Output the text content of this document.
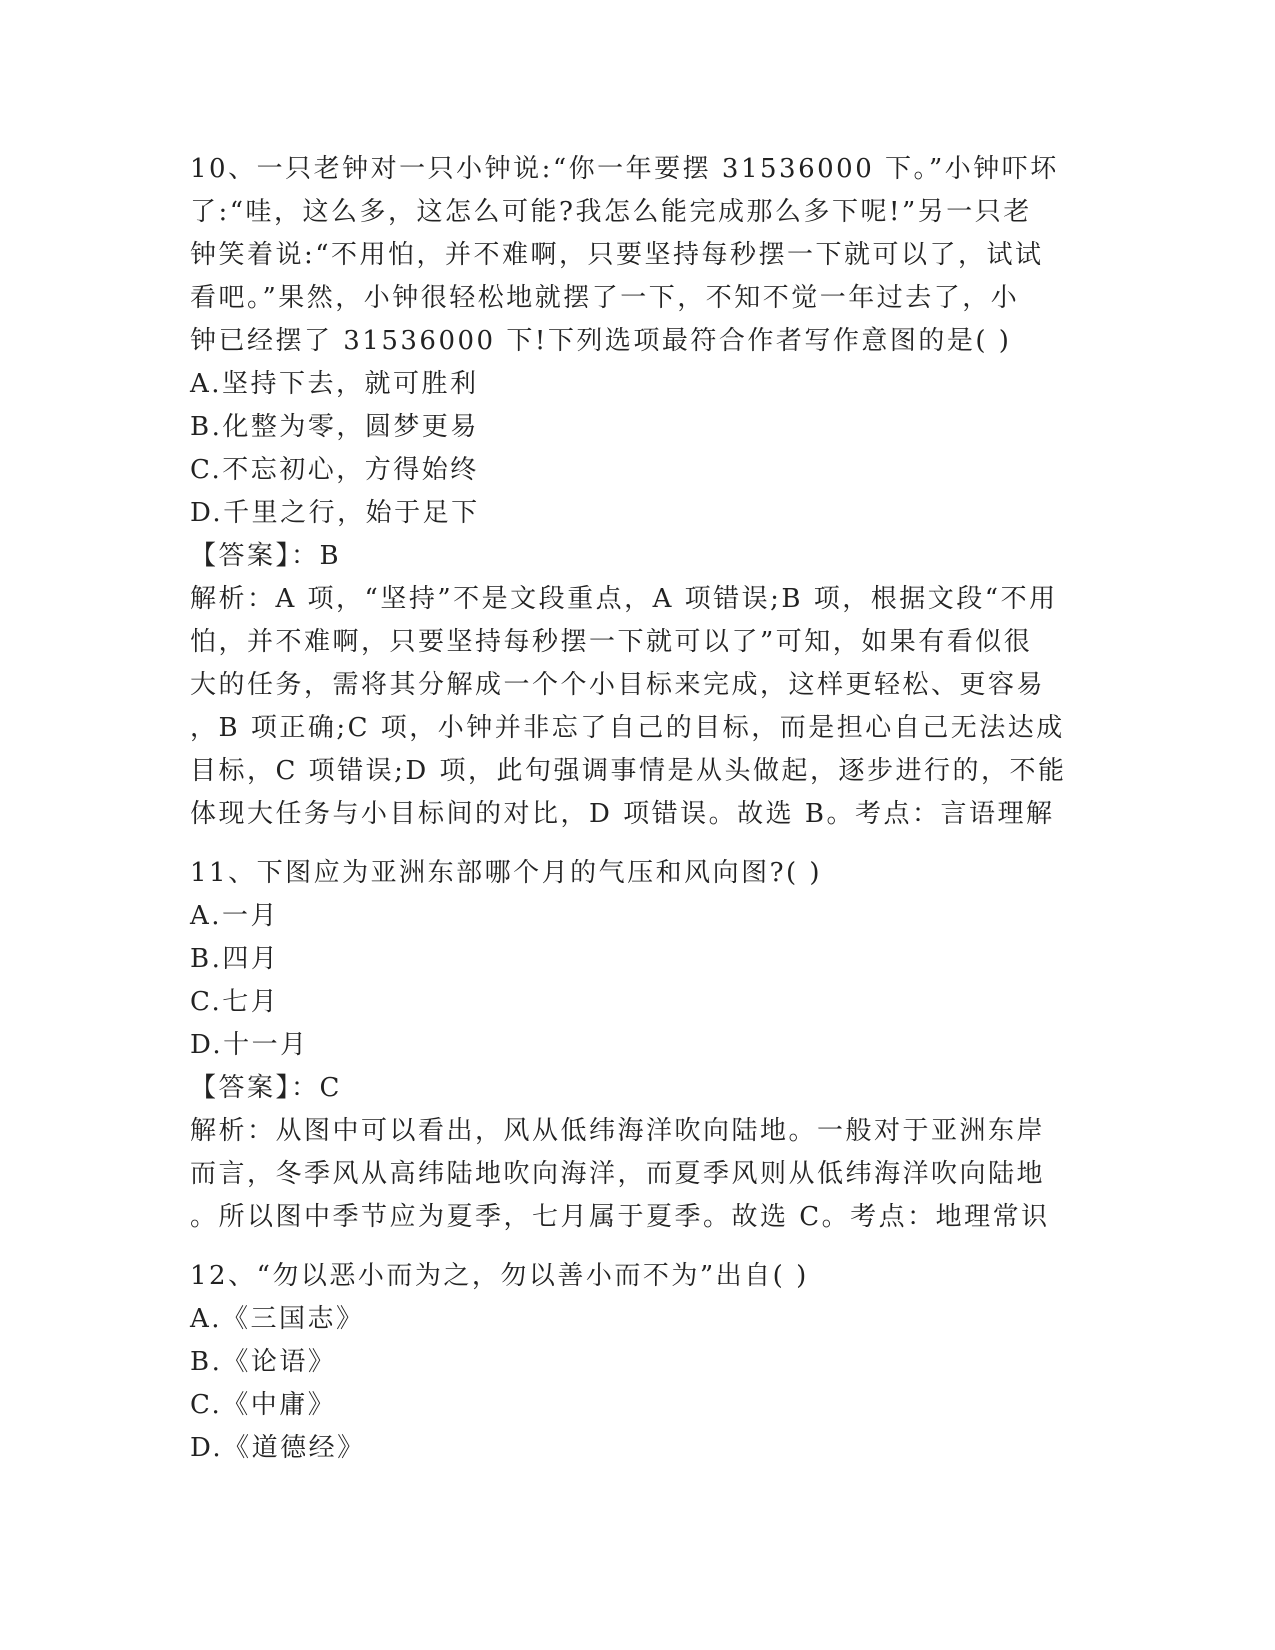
10、一只老钟对一只小钟说:“你一年要摆 31536000 下。”小钟吓坏
了:“哇，这么多，这怎么可能?我怎么能完成那么多下呢!”另一只老
钟笑着说:“不用怕，并不难啊，只要坚持每秒摆一下就可以了，试试
看吧。”果然，小钟很轻松地就摆了一下，不知不觉一年过去了，小
钟已经摆了 31536000 下!下列选项最符合作者写作意图的是( )
A.坚持下去，就可胜利
B.化整为零，圆梦更易
C.不忘初心，方得始终
D.千里之行，始于足下
【答案】：B
解析：A 项，“坚持”不是文段重点，A 项错误;B 项，根据文段“不用
怕，并不难啊，只要坚持每秒摆一下就可以了”可知，如果有看似很
大的任务，需将其分解成一个个小目标来完成，这样更轻松、更容易
，B 项正确;C 项，小钟并非忘了自己的目标，而是担心自己无法达成
目标，C 项错误;D 项，此句强调事情是从头做起，逐步进行的，不能
体现大任务与小目标间的对比，D 项错误。故选 B。考点：言语理解
11、下图应为亚洲东部哪个月的气压和风向图?( )
A.一月
B.四月
C.七月
D.十一月
【答案】：C
解析：从图中可以看出，风从低纬海洋吹向陆地。一般对于亚洲东岸
而言，冬季风从高纬陆地吹向海洋，而夏季风则从低纬海洋吹向陆地
。所以图中季节应为夏季，七月属于夏季。故选 C。考点：地理常识
12、“勿以恶小而为之，勿以善小而不为”出自( )
A.《三国志》
B.《论语》
C.《中庸》
D.《道德经》
